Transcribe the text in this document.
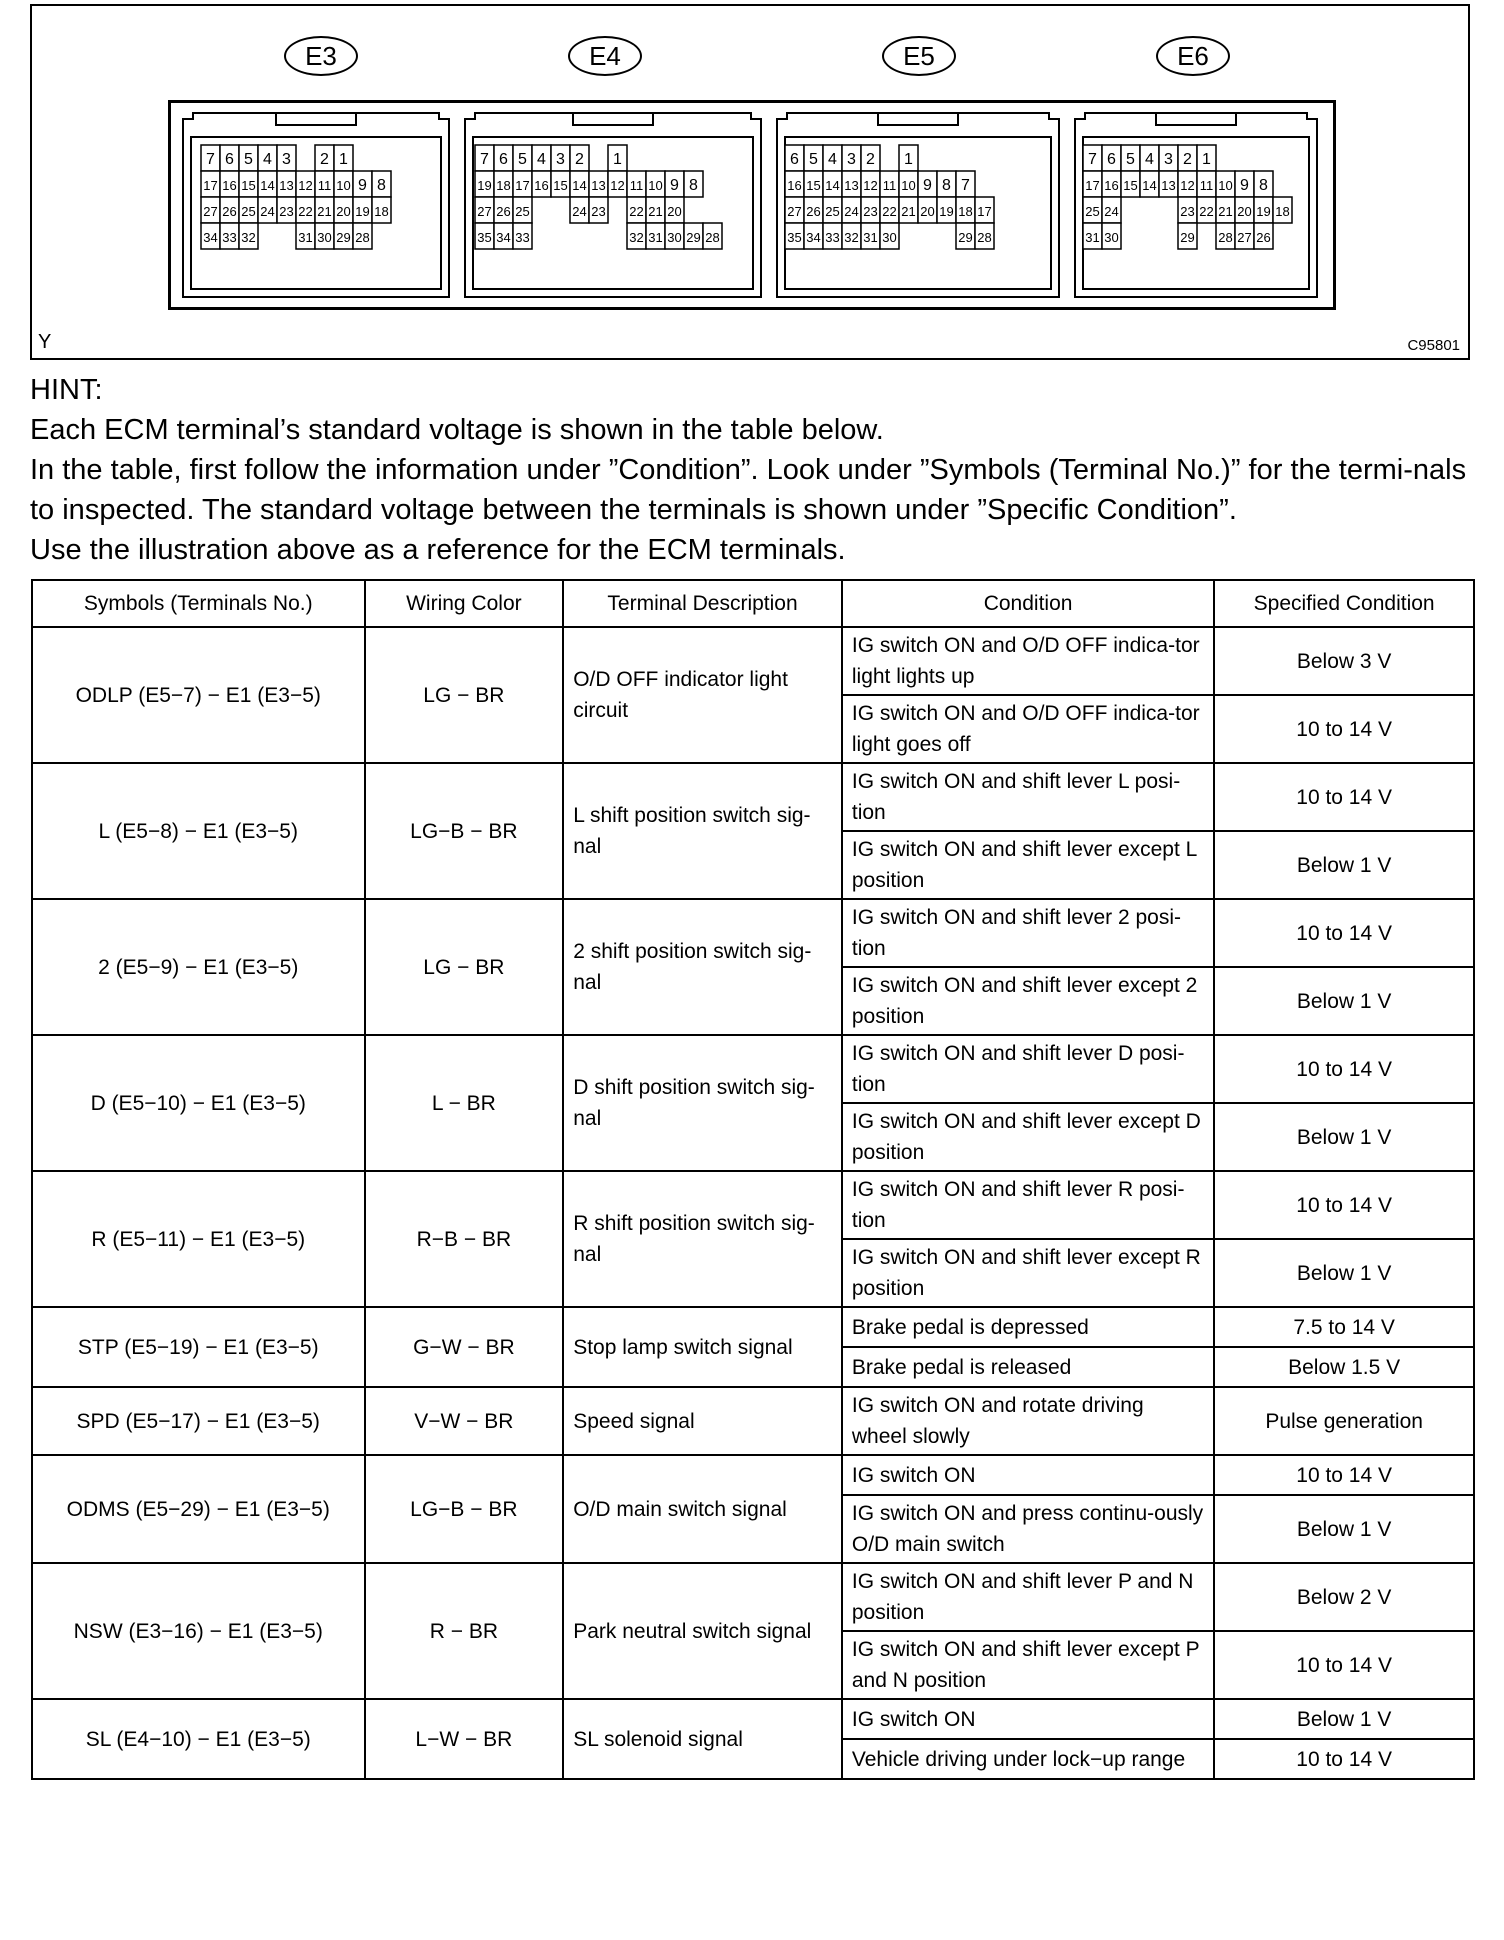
E3	E4	E5	E6
7 6 5 4 3 2 1
17 16 15 14 13 12 11 10 9 8
27 26 25 24 23 22 21 20 19 18
34 33 32	31 30 29 28
7 6 5 4 3 2 1
19 18 17 16 15 14 13 12 11 10 9 8
27 26 25	24 23 22 21 20
35 34 33	32 31 30 29 28
6 5 4 3 2 1
16 15 14 13 12 11 10 9 8 7
27 26 25 24 23 22 21 20 19 18 17
35 34 33 32 31 30	29 28
7 6 5 4 3 2 1
17 16 15 14 13 12 11 10 9 8
25 24	23 22 21 20 19 18
31 30	29 28 27 26
Y	C95801

HINT:

Each ECM terminal’s standard voltage is shown in the table below.

In the table, first follow the information under ”Condition”. Look under ”Symbols (Terminal No.)” for the termi-nals to inspected. The standard voltage between the terminals is shown under ”Specific Condition”.

Use the illustration above as a reference for the ECM terminals.

Symbols (Terminals No.)	Wiring Color	Terminal Description	Condition	Specified Condition
ODLP (E5−7) − E1 (E3−5)	LG − BR	O/D OFF indicator light circuit	IG switch ON and O/D OFF indica-tor light lights up	Below 3 V
			IG switch ON and O/D OFF indica-tor light goes off	10 to 14 V
L (E5−8) − E1 (E3−5)	LG−B − BR	L shift position switch sig-nal	IG switch ON and shift lever L posi-tion	10 to 14 V
			IG switch ON and shift lever except L position	Below 1 V
2 (E5−9) − E1 (E3−5)	LG − BR	2 shift position switch sig-nal	IG switch ON and shift lever 2 posi-tion	10 to 14 V
			IG switch ON and shift lever except 2 position	Below 1 V
D (E5−10) − E1 (E3−5)	L − BR	D shift position switch sig-nal	IG switch ON and shift lever D posi-tion	10 to 14 V
			IG switch ON and shift lever except D position	Below 1 V
R (E5−11) − E1 (E3−5)	R−B − BR	R shift position switch sig-nal	IG switch ON and shift lever R posi-tion	10 to 14 V
			IG switch ON and shift lever except R position	Below 1 V
STP (E5−19) − E1 (E3−5)	G−W − BR	Stop lamp switch signal	Brake pedal is depressed	7.5 to 14 V
			Brake pedal is released	Below 1.5 V
SPD (E5−17) − E1 (E3−5)	V−W − BR	Speed signal	IG switch ON and rotate driving wheel slowly	Pulse generation
ODMS (E5−29) − E1 (E3−5)	LG−B − BR	O/D main switch signal	IG switch ON	10 to 14 V
			IG switch ON and press continu-ously O/D main switch	Below 1 V
NSW (E3−16) − E1 (E3−5)	R − BR	Park neutral switch signal	IG switch ON and shift lever P and N position	Below 2 V
			IG switch ON and shift lever except P and N position	10 to 14 V
SL (E4−10) − E1 (E3−5)	L−W − BR	SL solenoid signal	IG switch ON	Below 1 V
			Vehicle driving under lock−up range	10 to 14 V
